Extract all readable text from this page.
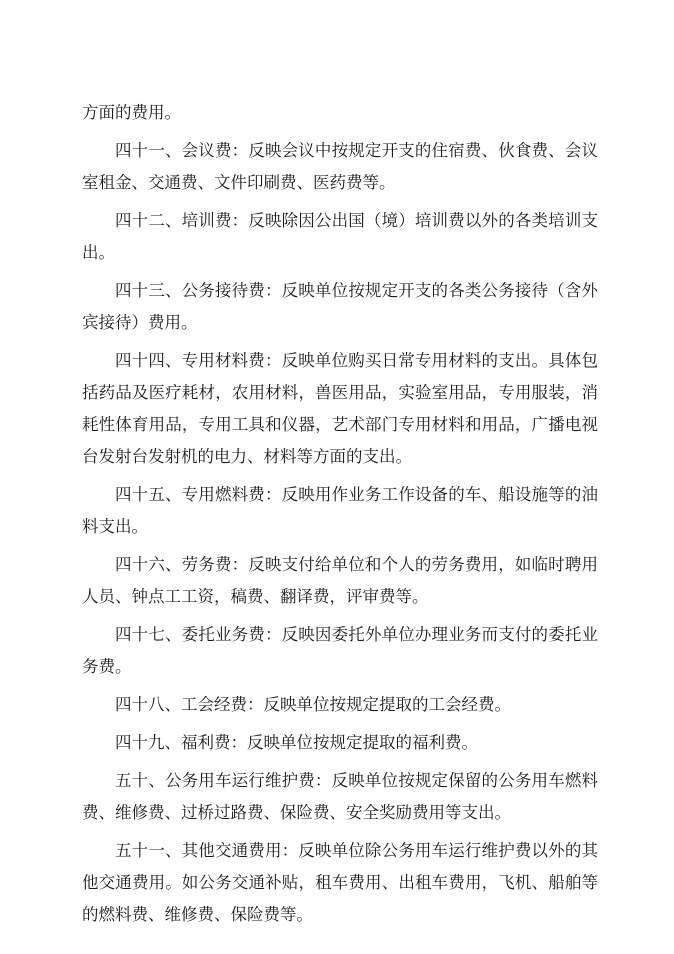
方面的费用。

四十一、会议费：反映会议中按规定开支的住宿费、伙食费、会议室租金、交通费、文件印刷费、医药费等。

四十二、培训费：反映除因公出国（境）培训费以外的各类培训支出。

四十三、公务接待费：反映单位按规定开支的各类公务接待（含外宾接待）费用。

四十四、专用材料费：反映单位购买日常专用材料的支出。具体包括药品及医疗耗材，农用材料，兽医用品，实验室用品，专用服装，消耗性体育用品，专用工具和仪器，艺术部门专用材料和用品，广播电视台发射台发射机的电力、材料等方面的支出。

四十五、专用燃料费：反映用作业务工作设备的车、船设施等的油料支出。

四十六、劳务费：反映支付给单位和个人的劳务费用，如临时聘用人员、钟点工工资，稿费、翻译费，评审费等。

四十七、委托业务费：反映因委托外单位办理业务而支付的委托业务费。

四十八、工会经费：反映单位按规定提取的工会经费。

四十九、福利费：反映单位按规定提取的福利费。

五十、公务用车运行维护费：反映单位按规定保留的公务用车燃料费、维修费、过桥过路费、保险费、安全奖励费用等支出。

五十一、其他交通费用：反映单位除公务用车运行维护费以外的其他交通费用。如公务交通补贴，租车费用、出租车费用，飞机、船舶等的燃料费、维修费、保险费等。
